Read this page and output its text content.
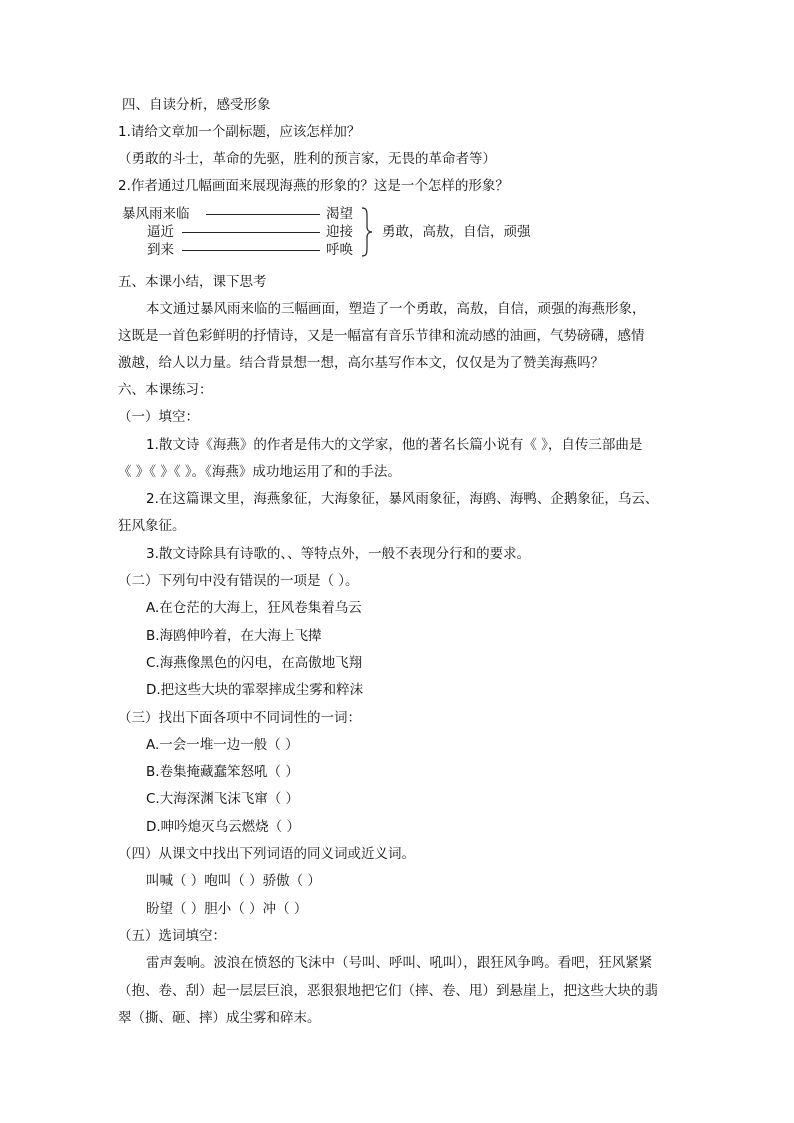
四、自读分析，感受形象
1.请给文章加一个副标题，应该怎样加？
（勇敢的斗士，革命的先驱，胜利的预言家，无畏的革命者等）
2.作者通过几幅画面来展现海燕的形象的？这是一个怎样的形象？
暴风雨来临
逼近
到来
渴望
迎接
呼唤
勇敢，高敖，自信，顽强
五、本课小结，课下思考
本文通过暴风雨来临的三幅画面，塑造了一个勇敢，高敖，自信，顽强的海燕形象，
这既是一首色彩鲜明的抒情诗，又是一幅富有音乐节律和流动感的油画，气势磅礴，感情
激越，给人以力量。结合背景想一想，高尔基写作本文，仅仅是为了赞美海燕吗？
六、本课练习：
（一）填空：
1.散文诗《海燕》的作者是伟大的文学家，他的著名长篇小说有《 》，自传三部曲是
《 》《 》《 》。《海燕》成功地运用了和的手法。
2.在这篇课文里，海燕象征，大海象征，暴风雨象征，海鸥、海鸭、企鹅象征，乌云、
狂风象征。
3.散文诗除具有诗歌的、、等特点外，一般不表现分行和的要求。
（二）下列句中没有错误的一项是（ ）。
A.在仓茫的大海上，狂风卷集着乌云
B.海鸥伸吟着，在大海上飞撵
C.海燕像黑色的闪电，在高傲地飞翔
D.把这些大块的霏翠摔成尘雾和粹沫
（三）找出下面各项中不同词性的一词：
A.一会一堆一边一般（ ）
B.卷集掩藏蠢笨怒吼（ ）
C.大海深渊飞沫飞窜（ ）
D.呻吟熄灭乌云燃烧（ ）
（四）从课文中找出下列词语的同义词或近义词。
叫喊（ ）咆叫（ ）骄傲（ ）
盼望（ ）胆小（ ）冲（ ）
（五）选词填空：
雷声轰响。波浪在愤怒的飞沫中（号叫、呼叫、吼叫），跟狂风争鸣。看吧，狂风紧紧
（抱、卷、刮）起一层层巨浪，恶狠狠地把它们（摔、卷、甩）到悬崖上，把这些大块的翡
翠（撕、砸、摔）成尘雾和碎末。
